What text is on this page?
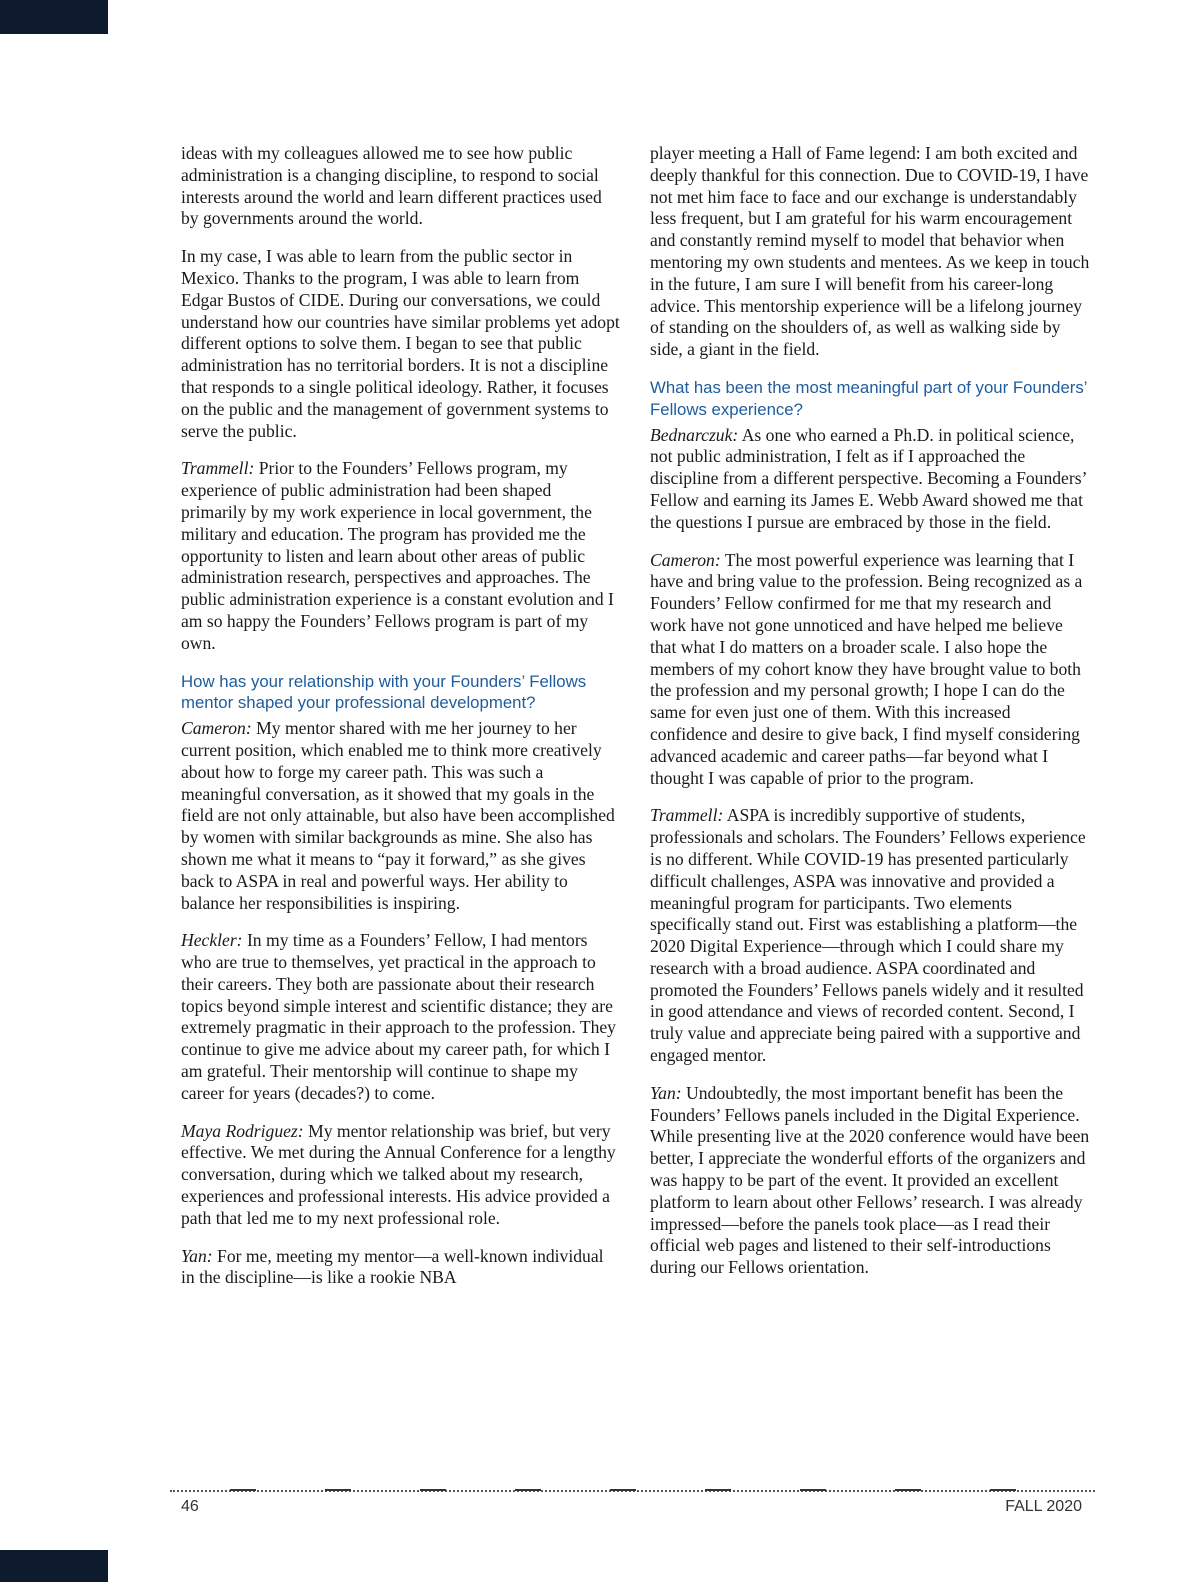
ideas with my colleagues allowed me to see how public administration is a changing discipline, to respond to social interests around the world and learn different practices used by governments around the world.

In my case, I was able to learn from the public sector in Mexico. Thanks to the program, I was able to learn from Edgar Bustos of CIDE. During our conversations, we could understand how our countries have similar problems yet adopt different options to solve them. I began to see that public administration has no territorial borders. It is not a discipline that responds to a single political ideology. Rather, it focuses on the public and the management of government systems to serve the public.

Trammell: Prior to the Founders’ Fellows program, my experience of public administration had been shaped primarily by my work experience in local government, the military and education. The program has provided me the opportunity to listen and learn about other areas of public administration research, perspectives and approaches. The public administration experience is a constant evolution and I am so happy the Founders’ Fellows program is part of my own.

How has your relationship with your Founders’ Fellows mentor shaped your professional development?

Cameron: My mentor shared with me her journey to her current position, which enabled me to think more creatively about how to forge my career path. This was such a meaningful conversation, as it showed that my goals in the field are not only attainable, but also have been accomplished by women with similar backgrounds as mine. She also has shown me what it means to “pay it forward,” as she gives back to ASPA in real and powerful ways. Her ability to balance her responsibilities is inspiring.

Heckler: In my time as a Founders’ Fellow, I had mentors who are true to themselves, yet practical in the approach to their careers. They both are passionate about their research topics beyond simple interest and scientific distance; they are extremely pragmatic in their approach to the profession. They continue to give me advice about my career path, for which I am grateful. Their mentorship will continue to shape my career for years (decades?) to come.

Maya Rodriguez: My mentor relationship was brief, but very effective. We met during the Annual Conference for a lengthy conversation, during which we talked about my research, experiences and professional interests. His advice provided a path that led me to my next professional role.

Yan: For me, meeting my mentor—a well-known individual in the discipline—is like a rookie NBA

player meeting a Hall of Fame legend: I am both excited and deeply thankful for this connection. Due to COVID-19, I have not met him face to face and our exchange is understandably less frequent, but I am grateful for his warm encouragement and constantly remind myself to model that behavior when mentoring my own students and mentees. As we keep in touch in the future, I am sure I will benefit from his career-long advice. This mentorship experience will be a lifelong journey of standing on the shoulders of, as well as walking side by side, a giant in the field.

What has been the most meaningful part of your Founders’ Fellows experience?

Bednarczuk: As one who earned a Ph.D. in political science, not public administration, I felt as if I approached the discipline from a different perspective. Becoming a Founders’ Fellow and earning its James E. Webb Award showed me that the questions I pursue are embraced by those in the field.

Cameron: The most powerful experience was learning that I have and bring value to the profession. Being recognized as a Founders’ Fellow confirmed for me that my research and work have not gone unnoticed and have helped me believe that what I do matters on a broader scale. I also hope the members of my cohort know they have brought value to both the profession and my personal growth; I hope I can do the same for even just one of them. With this increased confidence and desire to give back, I find myself considering advanced academic and career paths—far beyond what I thought I was capable of prior to the program.

Trammell: ASPA is incredibly supportive of students, professionals and scholars. The Founders’ Fellows experience is no different. While COVID-19 has presented particularly difficult challenges, ASPA was innovative and provided a meaningful program for participants. Two elements specifically stand out. First was establishing a platform—the 2020 Digital Experience—through which I could share my research with a broad audience. ASPA coordinated and promoted the Founders’ Fellows panels widely and it resulted in good attendance and views of recorded content. Second, I truly value and appreciate being paired with a supportive and engaged mentor.

Yan: Undoubtedly, the most important benefit has been the Founders’ Fellows panels included in the Digital Experience. While presenting live at the 2020 conference would have been better, I appreciate the wonderful efforts of the organizers and was happy to be part of the event. It provided an excellent platform to learn about other Fellows’ research. I was already impressed—before the panels took place—as I read their official web pages and listened to their self-introductions during our Fellows orientation.

46	FALL 2020
